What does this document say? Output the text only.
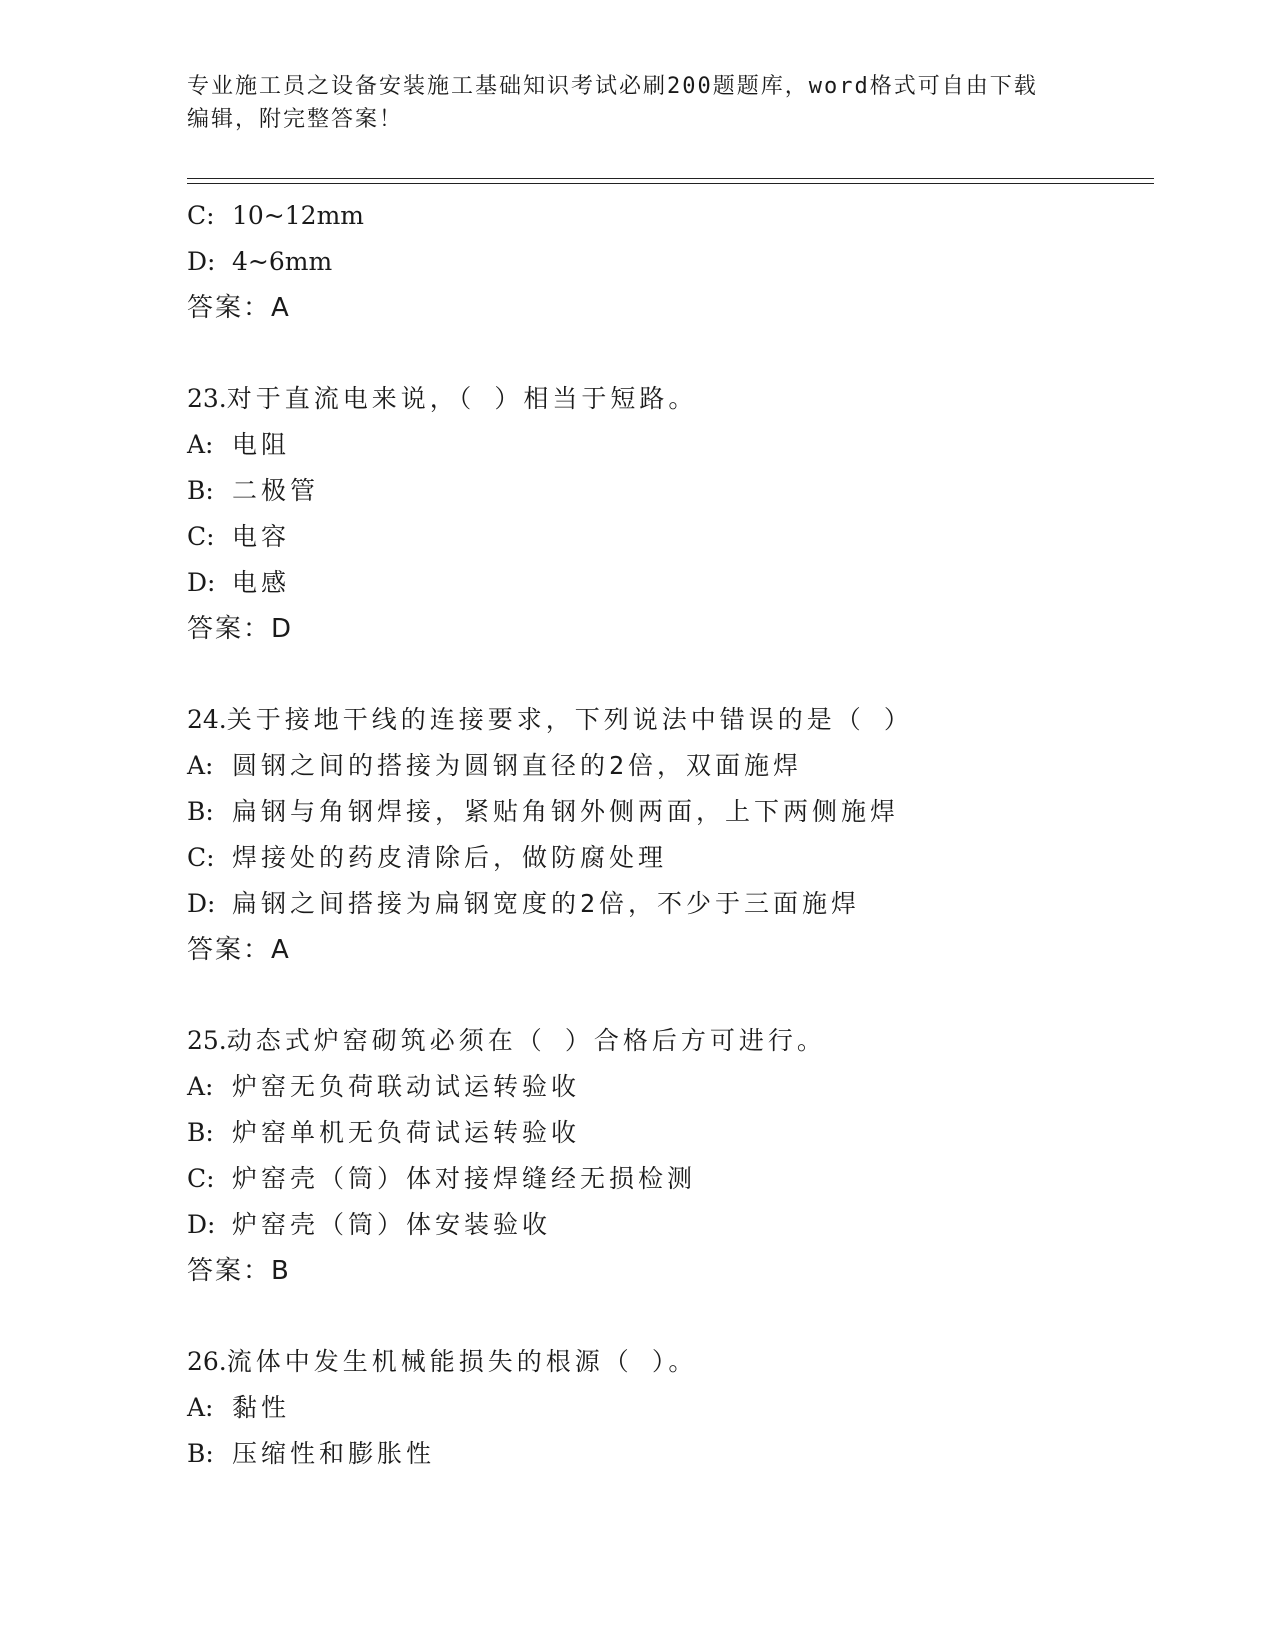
专业施工员之设备安装施工基础知识考试必刷200题题库，word格式可自由下载
编辑，附完整答案！
C: 10~12mm
D: 4~6mm
答案：A
23.对于直流电来说，（ ）相当于短路。
A: 电阻
B: 二极管
C: 电容
D: 电感
答案：D
24.关于接地干线的连接要求，下列说法中错误的是（ ）
A: 圆钢之间的搭接为圆钢直径的2倍，双面施焊
B: 扁钢与角钢焊接，紧贴角钢外侧两面，上下两侧施焊
C: 焊接处的药皮清除后，做防腐处理
D: 扁钢之间搭接为扁钢宽度的2倍，不少于三面施焊
答案：A
25.动态式炉窑砌筑必须在（ ）合格后方可进行。
A: 炉窑无负荷联动试运转验收
B: 炉窑单机无负荷试运转验收
C: 炉窑壳（筒）体对接焊缝经无损检测
D: 炉窑壳（筒）体安装验收
答案：B
26.流体中发生机械能损失的根源（ ）。
A: 黏性
B: 压缩性和膨胀性
